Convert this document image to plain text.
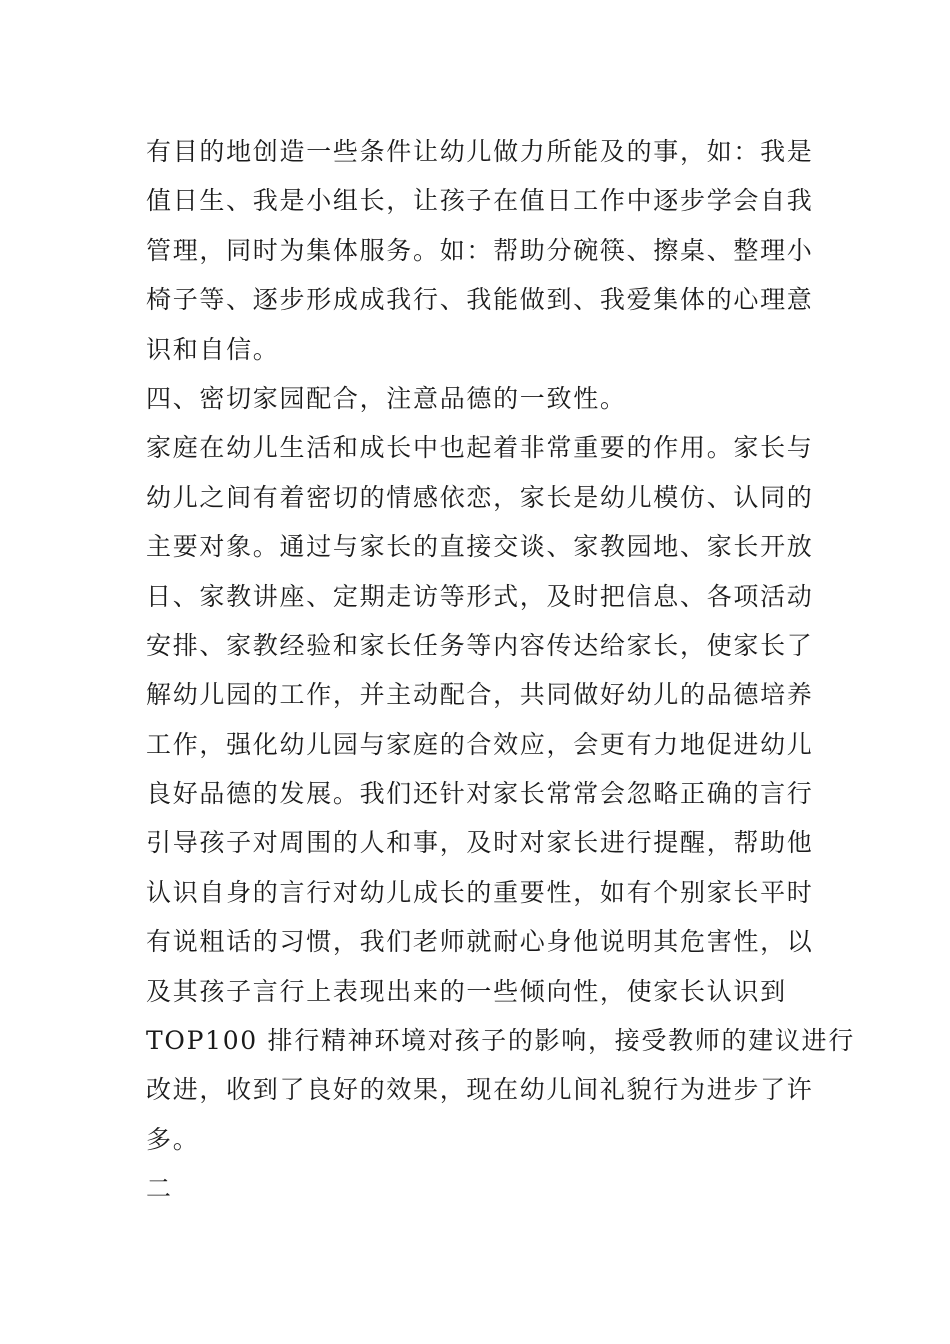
有目的地创造一些条件让幼儿做力所能及的事，如：我是
值日生、我是小组长，让孩子在值日工作中逐步学会自我
管理，同时为集体服务。如：帮助分碗筷、擦桌、整理小
椅子等、逐步形成成我行、我能做到、我爱集体的心理意
识和自信。
四、密切家园配合，注意品德的一致性。
家庭在幼儿生活和成长中也起着非常重要的作用。家长与
幼儿之间有着密切的情感依恋，家长是幼儿模仿、认同的
主要对象。通过与家长的直接交谈、家教园地、家长开放
日、家教讲座、定期走访等形式，及时把信息、各项活动
安排、家教经验和家长任务等内容传达给家长，使家长了
解幼儿园的工作，并主动配合，共同做好幼儿的品德培养
工作，强化幼儿园与家庭的合效应，会更有力地促进幼儿
良好品德的发展。我们还针对家长常常会忽略正确的言行
引导孩子对周围的人和事，及时对家长进行提醒，帮助他
认识自身的言行对幼儿成长的重要性，如有个别家长平时
有说粗话的习惯，我们老师就耐心身他说明其危害性，以
及其孩子言行上表现出来的一些倾向性，使家长认识到
TOP100 排行精神环境对孩子的影响，接受教师的建议进行
改进，收到了良好的效果，现在幼儿间礼貌行为进步了许
多。
二
